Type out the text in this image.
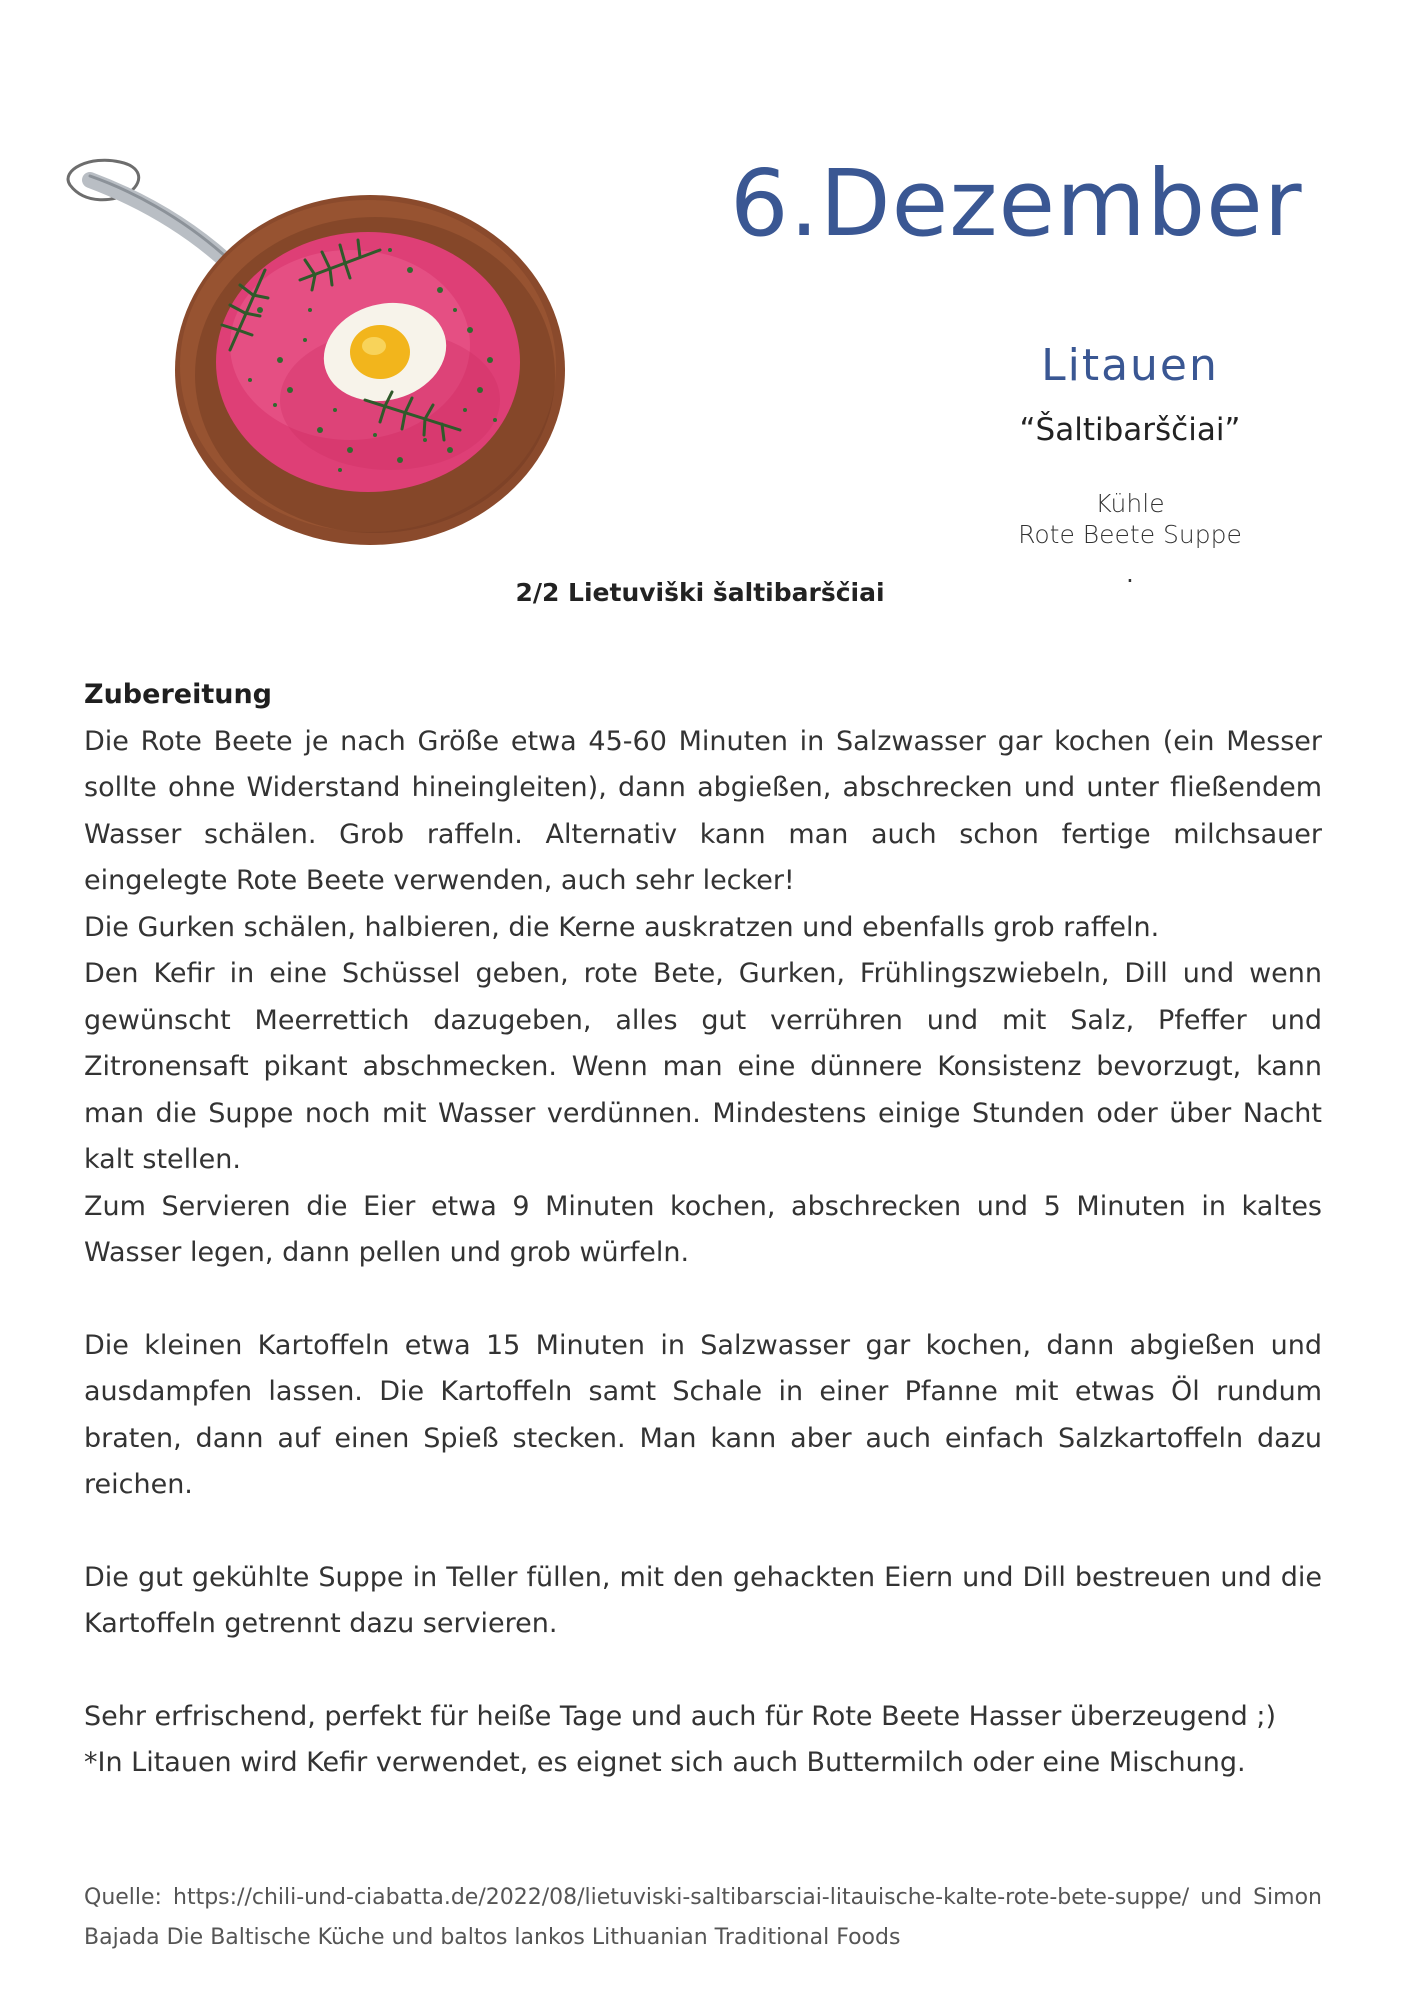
6.Dezember
Litauen
“Šaltibarščiai”
Kühle
Rote Beete Suppe
.
2/2 Lietuviški šaltibarščiai
Zubereitung

Die Rote Beete je nach Größe etwa 45-60 Minuten in Salzwasser gar kochen (ein Messer sollte ohne Widerstand hineingleiten), dann abgießen, abschrecken und unter fließendem Wasser schälen. Grob raffeln. Alternativ kann man auch schon fertige milchsauer eingelegte Rote Beete verwenden, auch sehr lecker!

Die Gurken schälen, halbieren, die Kerne auskratzen und ebenfalls grob raffeln.

Den Kefir in eine Schüssel geben, rote Bete, Gurken, Frühlingszwiebeln, Dill und wenn gewünscht Meerrettich dazugeben, alles gut verrühren und mit Salz, Pfeffer und Zitronensaft pikant abschmecken. Wenn man eine dünnere Konsistenz bevorzugt, kann man die Suppe noch mit Wasser verdünnen. Mindestens einige Stunden oder über Nacht kalt stellen.

Zum Servieren die Eier etwa 9 Minuten kochen, abschrecken und 5 Minuten in kaltes Wasser legen, dann pellen und grob würfeln.

Die kleinen Kartoffeln etwa 15 Minuten in Salzwasser gar kochen, dann abgießen und ausdampfen lassen. Die Kartoffeln samt Schale in einer Pfanne mit etwas Öl rundum braten, dann auf einen Spieß stecken. Man kann aber auch einfach Salzkartoffeln dazu reichen.

Die gut gekühlte Suppe in Teller füllen, mit den gehackten Eiern und Dill bestreuen und die Kartoffeln getrennt dazu servieren.

Sehr erfrischend, perfekt für heiße Tage und auch für Rote Beete Hasser überzeugend ;)

*In Litauen wird Kefir verwendet, es eignet sich auch Buttermilch oder eine Mischung.

Quelle: https://chili-und-ciabatta.de/2022/08/lietuviski-saltibarsciai-litauische-kalte-rote-bete-suppe/ und Simon Bajada Die Baltische Küche und baltos lankos Lithuanian Traditional Foods
